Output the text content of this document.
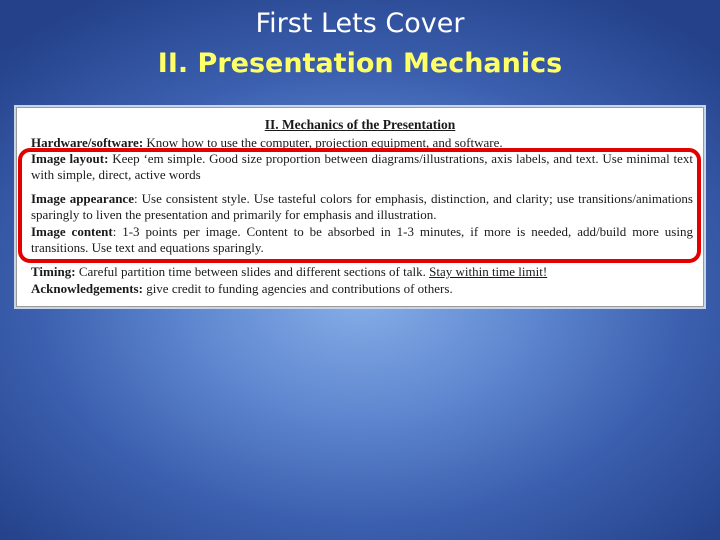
First Lets Cover
II. Presentation Mechanics
II. Mechanics of the Presentation
Hardware/software: Know how to use the computer, projection equipment, and software.
Image layout: Keep ‘em simple. Good size proportion between diagrams/illustrations, axis labels, and text. Use minimal text with simple, direct, active words
Image appearance: Use consistent style. Use tasteful colors for emphasis, distinction, and clarity; use transitions/animations sparingly to liven the presentation and primarily for emphasis and illustration.
Image content: 1-3 points per image. Content to be absorbed in 1-3 minutes, if more is needed, add/build more using transitions. Use text and equations sparingly.
Timing: Careful partition time between slides and different sections of talk. Stay within time limit!
Acknowledgements: give credit to funding agencies and contributions of others.
